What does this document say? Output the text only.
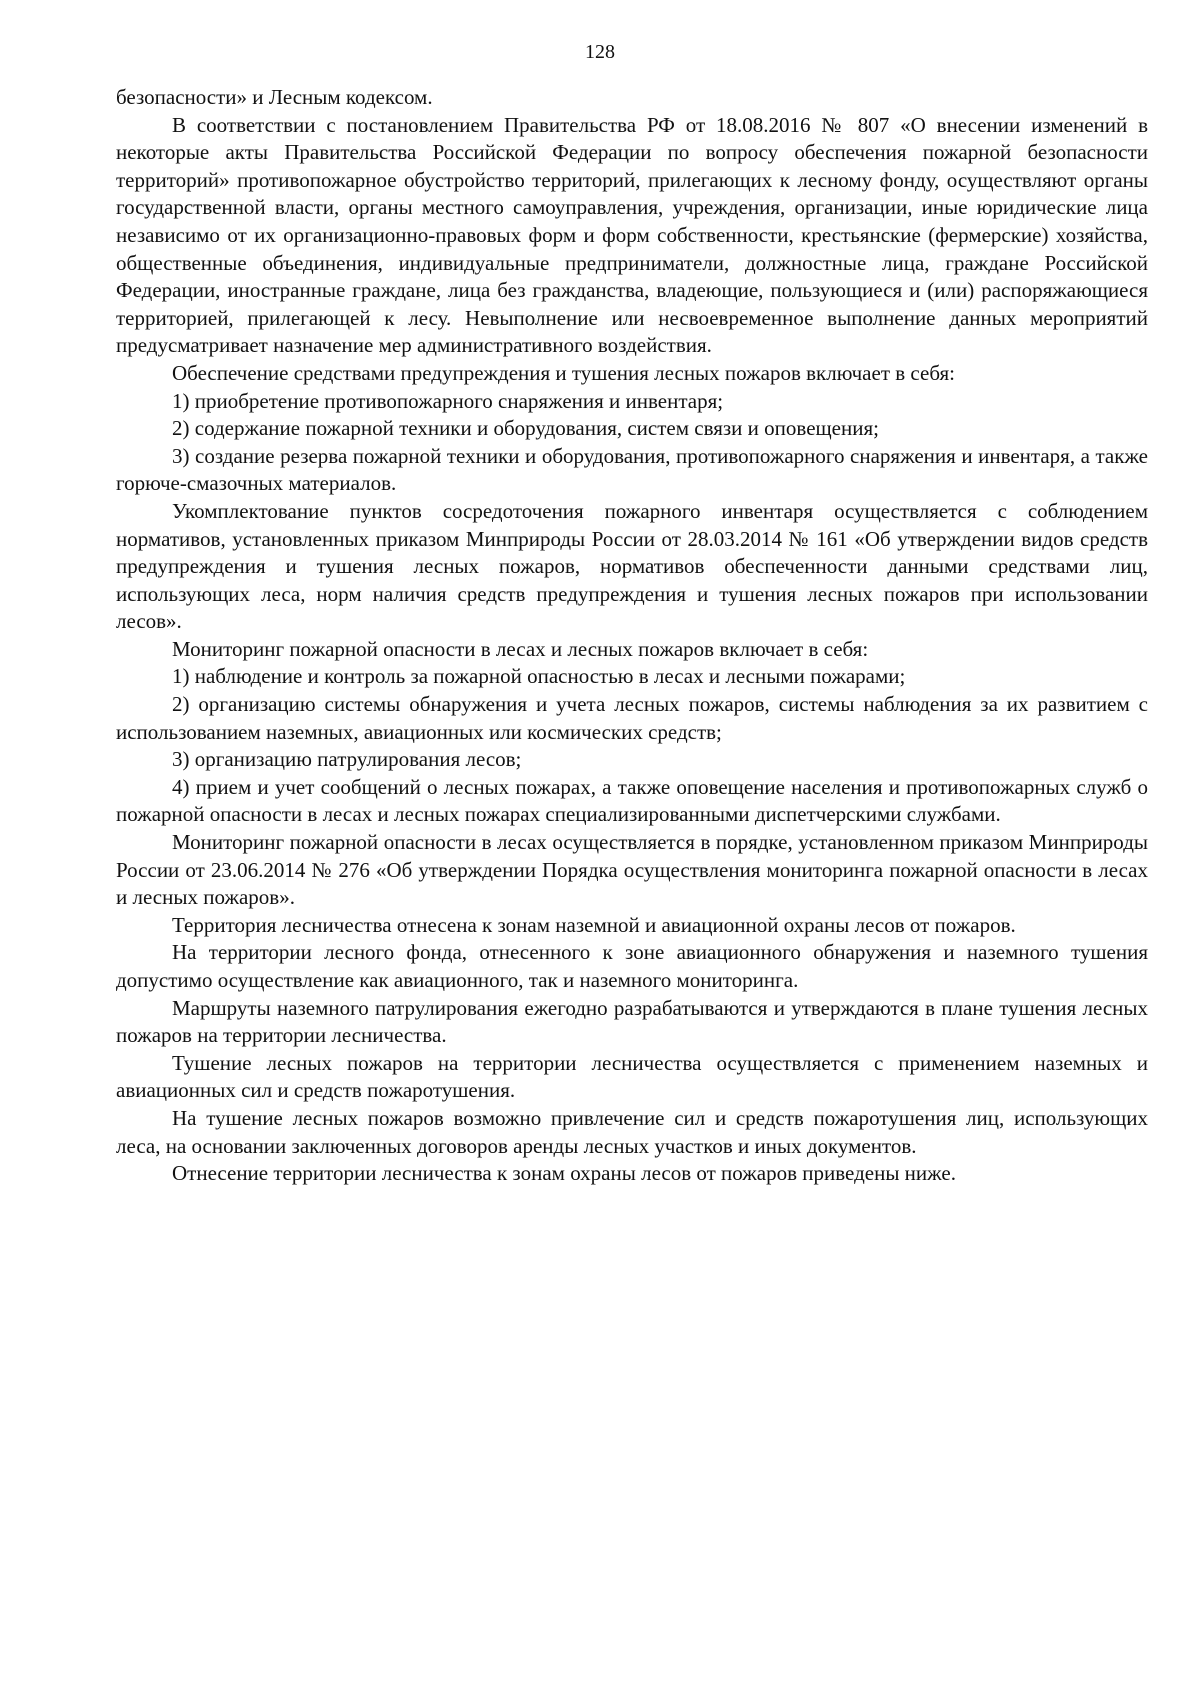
128

безопасности» и Лесным кодексом.

В соответствии с постановлением Правительства РФ от 18.08.2016 № 807 «О внесении изменений в некоторые акты Правительства Российской Федерации по вопросу обеспечения пожарной безопасности территорий» противопожарное обустройство территорий, прилегающих к лесному фонду, осуществляют органы государственной власти, органы местного самоуправления, учреждения, организации, иные юридические лица независимо от их организационно-правовых форм и форм собственности, крестьянские (фермерские) хозяйства, общественные объединения, индивидуальные предприниматели, должностные лица, граждане Российской Федерации, иностранные граждане, лица без гражданства, владеющие, пользующиеся и (или) распоряжающиеся территорией, прилегающей к лесу. Невыполнение или несвоевременное выполнение данных мероприятий предусматривает назначение мер административного воздействия.

Обеспечение средствами предупреждения и тушения лесных пожаров включает в себя:

1) приобретение противопожарного снаряжения и инвентаря;

2) содержание пожарной техники и оборудования, систем связи и оповещения;

3) создание резерва пожарной техники и оборудования, противопожарного снаряжения и инвентаря, а также горюче-смазочных материалов.

Укомплектование пунктов сосредоточения пожарного инвентаря осуществляется с соблюдением нормативов, установленных приказом Минприроды России от 28.03.2014 № 161 «Об утверждении видов средств предупреждения и тушения лесных пожаров, нормативов обеспеченности данными средствами лиц, использующих леса, норм наличия средств предупреждения и тушения лесных пожаров при использовании лесов».

Мониторинг пожарной опасности в лесах и лесных пожаров включает в себя:

1) наблюдение и контроль за пожарной опасностью в лесах и лесными пожарами;

2) организацию системы обнаружения и учета лесных пожаров, системы наблюдения за их развитием с использованием наземных, авиационных или космических средств;

3) организацию патрулирования лесов;

4) прием и учет сообщений о лесных пожарах, а также оповещение населения и противопожарных служб о пожарной опасности в лесах и лесных пожарах специализированными диспетчерскими службами.

Мониторинг пожарной опасности в лесах осуществляется в порядке, установленном приказом Минприроды России от 23.06.2014 № 276 «Об утверждении Порядка осуществления мониторинга пожарной опасности в лесах и лесных пожаров».

Территория лесничества отнесена к зонам наземной и авиационной охраны лесов от пожаров.

На территории лесного фонда, отнесенного к зоне авиационного обнаружения и наземного тушения допустимо осуществление как авиационного, так и наземного мониторинга.

Маршруты наземного патрулирования ежегодно разрабатываются и утверждаются в плане тушения лесных пожаров на территории лесничества.

Тушение лесных пожаров на территории лесничества осуществляется с применением наземных и авиационных сил и средств пожаротушения.

На тушение лесных пожаров возможно привлечение сил и средств пожаротушения лиц, использующих леса, на основании заключенных договоров аренды лесных участков и иных документов.

Отнесение территории лесничества к зонам охраны лесов от пожаров приведены ниже.
